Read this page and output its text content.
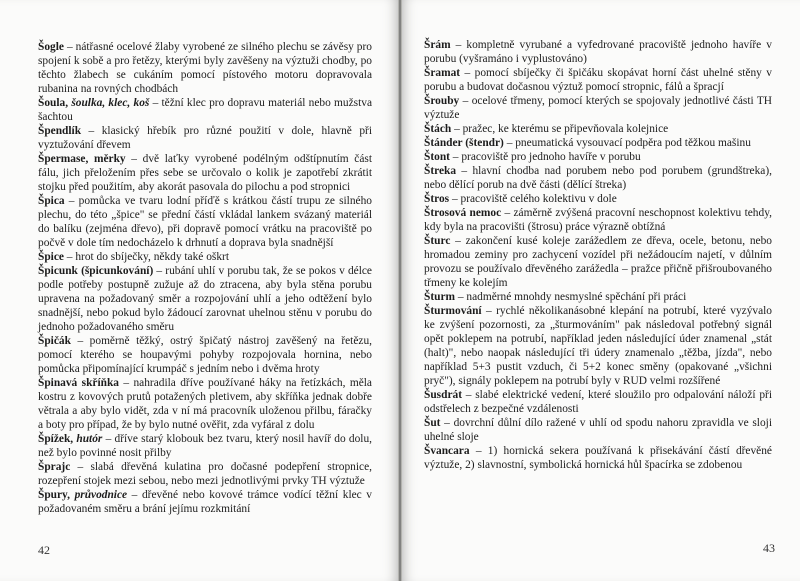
Šogle – nátřasné ocelové žlaby vyrobené ze silného plechu se závěsy pro spojení k sobě a pro řetězy, kterými byly zavěšeny na výztuži chodby, po těchto žlabech se cukáním pomocí pístového motoru dopravovala rubanina na rovných chodbách

Šoula, šoulka, klec, koš – těžní klec pro dopravu materiál nebo mužstva šachtou

Špendlík – klasický hřebík pro různé použití v dole, hlavně při vyztužování dřevem

Špermase, měrky – dvě laťky vyrobené podélným odštípnutím část fálu, jich přeložením přes sebe se určovalo o kolik je zapotřebí zkrátit stojku před použitím, aby akorát pasovala do pilochu a pod stropnici

Špica – pomůcka ve tvaru lodní příďě s krátkou částí trupu ze silného plechu, do této „špice" se přední částí vkládal lankem svázaný materiál do balíku (zejména dřevo), při dopravě pomocí vrátku na pracoviště po počvě v dole tím nedocházelo k drhnutí a doprava byla snadnější

Špice – hrot do sbíječky, někdy také oškrt

Špicunk (špicunkování) – rubání uhlí v porubu tak, že se pokos v délce podle potřeby postupně zužuje až do ztracena, aby byla stěna porubu upravena na požadovaný směr a rozpojování uhlí a jeho odtěžení bylo snadnější, nebo pokud bylo žádoucí zarovnat uhelnou stěnu v porubu do jednoho požadovaného směru

Špičák – poměrně těžký, ostrý špičatý nástroj zavěšený na řetězu, pomocí kterého se houpavými pohyby rozpojovala hornina, nebo pomůcka připomínající krumpáč s jedním nebo i dvěma hroty

Špinavá skříňka – nahradila dříve používané háky na řetízkách, měla kostru z kovových prutů potažených pletivem, aby skříňka jednak dobře větrala a aby bylo vidět, zda v ní má pracovník uloženou přilbu, fáračky a boty pro případ, že by bylo nutné ověřit, zda vyfáral z dolu

Špížek, hutór – dříve starý klobouk bez tvaru, který nosil havíř do dolu, než bylo povinné nosit přilby

Šprajc – slabá dřevěná kulatina pro dočasné podepření stropnice, rozepření stojek mezi sebou, nebo mezi jednotlivými prvky TH výztuže

Špury, průvodnice – dřevěné nebo kovové trámce vodící těžní klec v požadovaném směru a brání jejímu rozkmitání

42

Šrám – kompletně vyrubané a vyfedrované pracoviště jednoho havíře v porubu (vyšramáno i vyplustováno)

Šramat – pomocí sbíječky či špičáku skopávat horní část uhelné stěny v porubu a budovat dočasnou výztuž pomocí stropnic, fálů a špracjí

Šrouby – ocelové třmeny, pomocí kterých se spojovaly jednotlivé části TH výztuže

Štách – pražec, ke kterému se připevňovala kolejnice

Štánder (štendr) – pneumatická vysouvací podpěra pod těžkou mašinu

Štont – pracoviště pro jednoho havíře v porubu

Štreka – hlavní chodba nad porubem nebo pod porubem (grundštreka), nebo dělící porub na dvě části (dělící štreka)

Štros – pracoviště celého kolektivu v dole

Štrosová nemoc – záměrně zvýšená pracovní neschopnost kolektivu tehdy, kdy byla na pracovišti (štrosu) práce výrazně obtížná

Šturc – zakončení kusé koleje zarážedlem ze dřeva, ocele, betonu, nebo hromadou zeminy pro zachycení vozídel při nežádoucím najetí, v důlním provozu se používalo dřevěného zarážedla – pražce přičně přišroubovaného třmeny ke kolejím

Šturm – nadměrné mnohdy nesmyslné spěchání při práci

Šturmování – rychlé několikanásobné klepání na potrubí, které vyzývalo ke zvýšení pozornosti, za „šturmováním" pak následoval potřebný signál opět poklepem na potrubí, například jeden následující úder znamenal „stát (halt)", nebo naopak následující tři údery znamenalo „těžba, jízda", nebo například 5+3 pustit vzduch, či 5+2 konec směny (opakované „všichni pryč"), signály poklepem na potrubí byly v RUD velmi rozšířené

Šusdrát – slabé elektrické vedení, které sloužilo pro odpalování náloží při odstřelech z bezpečné vzdálenosti

Šut – dovrchní důlní dílo ražené v uhlí od spodu nahoru zpravidla ve sloji uhelné sloje

Švancara – 1) hornická sekera používaná k přisekávání částí dřevěné výztuže, 2) slavnostní, symbolická hornická hůl špacírka se zdobenou

43
